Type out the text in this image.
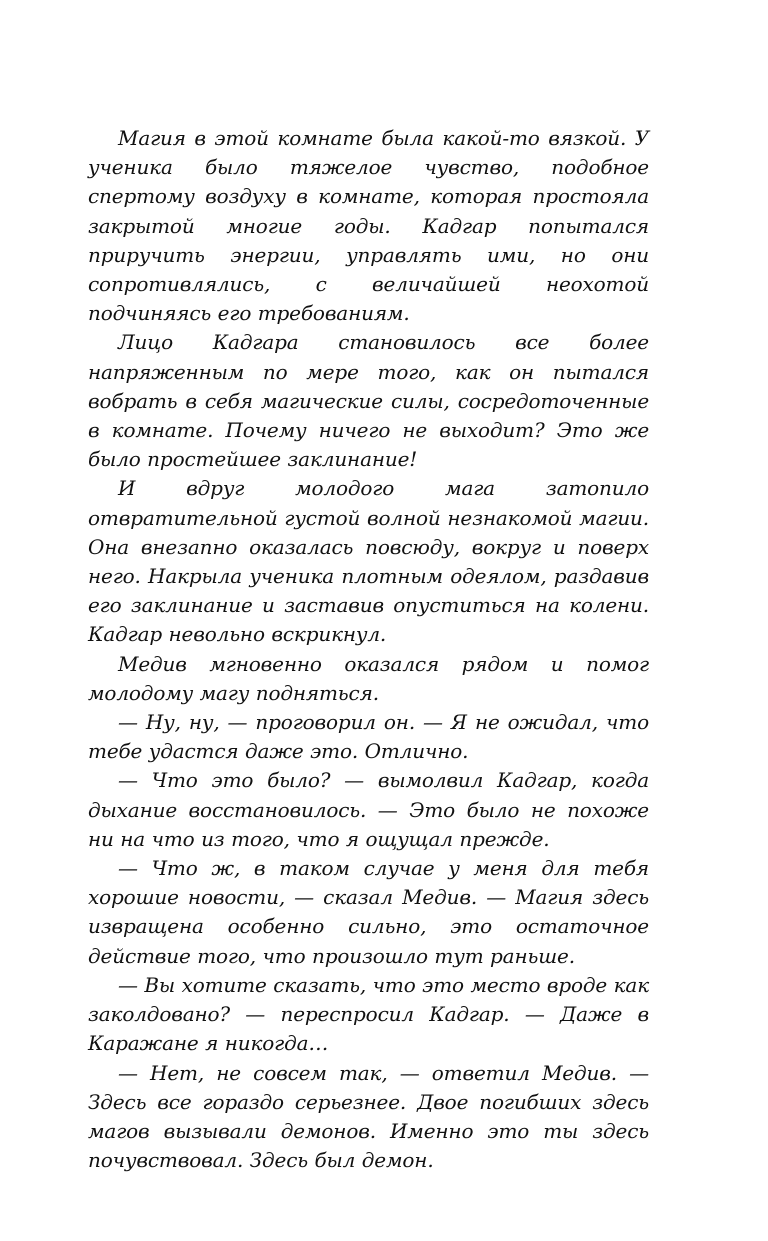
Магия в этой комнате была какой-то вязкой. У ученика было тяжелое чувство, подобное спертому воздуху в комнате, которая простояла закрытой многие годы. Кадгар попытался приручить энергии, управлять ими, но они сопротивлялись, с величайшей неохотой подчиняясь его требованиям.

Лицо Кадгара становилось все более напряженным по мере того, как он пытался вобрать в себя магические силы, сосредоточенные в комнате. Почему ничего не выходит? Это же было простейшее заклинание!

И вдруг молодого мага затопило отвратительной густой волной незнакомой магии. Она внезапно оказалась повсюду, вокруг и поверх него. Накрыла ученика плотным одеялом, раздавив его заклинание и заставив опуститься на колени. Кадгар невольно вскрикнул.

Медив мгновенно оказался рядом и помог молодому магу подняться.

— Ну, ну, — проговорил он. — Я не ожидал, что тебе удастся даже это. Отлично.

— Что это было? — вымолвил Кадгар, когда дыхание восстановилось. — Это было не похоже ни на что из того, что я ощущал прежде.

— Что ж, в таком случае у меня для тебя хорошие новости, — сказал Медив. — Магия здесь извращена особенно сильно, это остаточное действие того, что произошло тут раньше.

— Вы хотите сказать, что это место вроде как заколдовано? — переспросил Кадгар. — Даже в Каражане я никогда…

— Нет, не совсем так, — ответил Медив. — Здесь все гораздо серьезнее. Двое погибших здесь магов вызывали демонов. Именно это ты здесь почувствовал. Здесь был демон.
